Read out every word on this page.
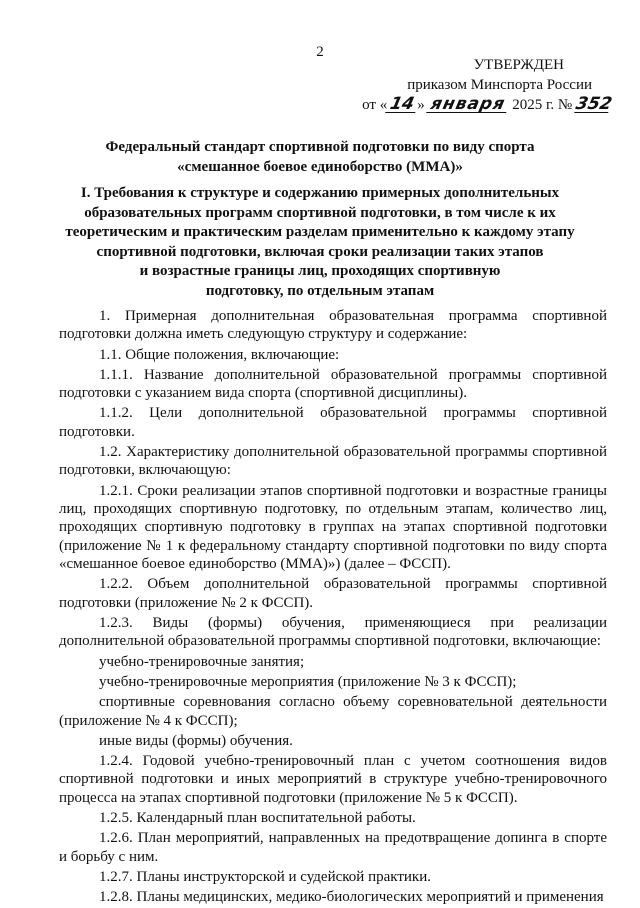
2
УТВЕРЖДЕН
приказом Минспорта России
от «14» января 2025 г. № 352
Федеральный стандарт спортивной подготовки по виду спорта
«смешанное боевое единоборство (ММА)»
I. Требования к структуре и содержанию примерных дополнительных
образовательных программ спортивной подготовки, в том числе к их
теоретическим и практическим разделам применительно к каждому этапу
спортивной подготовки, включая сроки реализации таких этапов
и возрастные границы лиц, проходящих спортивную
подготовку, по отдельным этапам

1. Примерная дополнительная образовательная программа спортивной подготовки должна иметь следующую структуру и содержание:

1.1. Общие положения, включающие:

1.1.1. Название дополнительной образовательной программы спортивной подготовки с указанием вида спорта (спортивной дисциплины).

1.1.2. Цели дополнительной образовательной программы спортивной подготовки.

1.2. Характеристику дополнительной образовательной программы спортивной подготовки, включающую:

1.2.1. Сроки реализации этапов спортивной подготовки и возрастные границы лиц, проходящих спортивную подготовку, по отдельным этапам, количество лиц, проходящих спортивную подготовку в группах на этапах спортивной подготовки (приложение № 1 к федеральному стандарту спортивной подготовки по виду спорта «смешанное боевое единоборство (ММА)») (далее – ФССП).

1.2.2. Объем дополнительной образовательной программы спортивной подготовки (приложение № 2 к ФССП).

1.2.3. Виды (формы) обучения, применяющиеся при реализации дополнительной образовательной программы спортивной подготовки, включающие:

учебно-тренировочные занятия;

учебно-тренировочные мероприятия (приложение № 3 к ФССП);

спортивные соревнования согласно объему соревновательной деятельности (приложение № 4 к ФССП);

иные виды (формы) обучения.

1.2.4. Годовой учебно-тренировочный план с учетом соотношения видов спортивной подготовки и иных мероприятий в структуре учебно-тренировочного процесса на этапах спортивной подготовки (приложение № 5 к ФССП).

1.2.5. Календарный план воспитательной работы.

1.2.6. План мероприятий, направленных на предотвращение допинга в спорте и борьбу с ним.

1.2.7. Планы инструкторской и судейской практики.

1.2.8. Планы медицинских, медико-биологических мероприятий и применения
